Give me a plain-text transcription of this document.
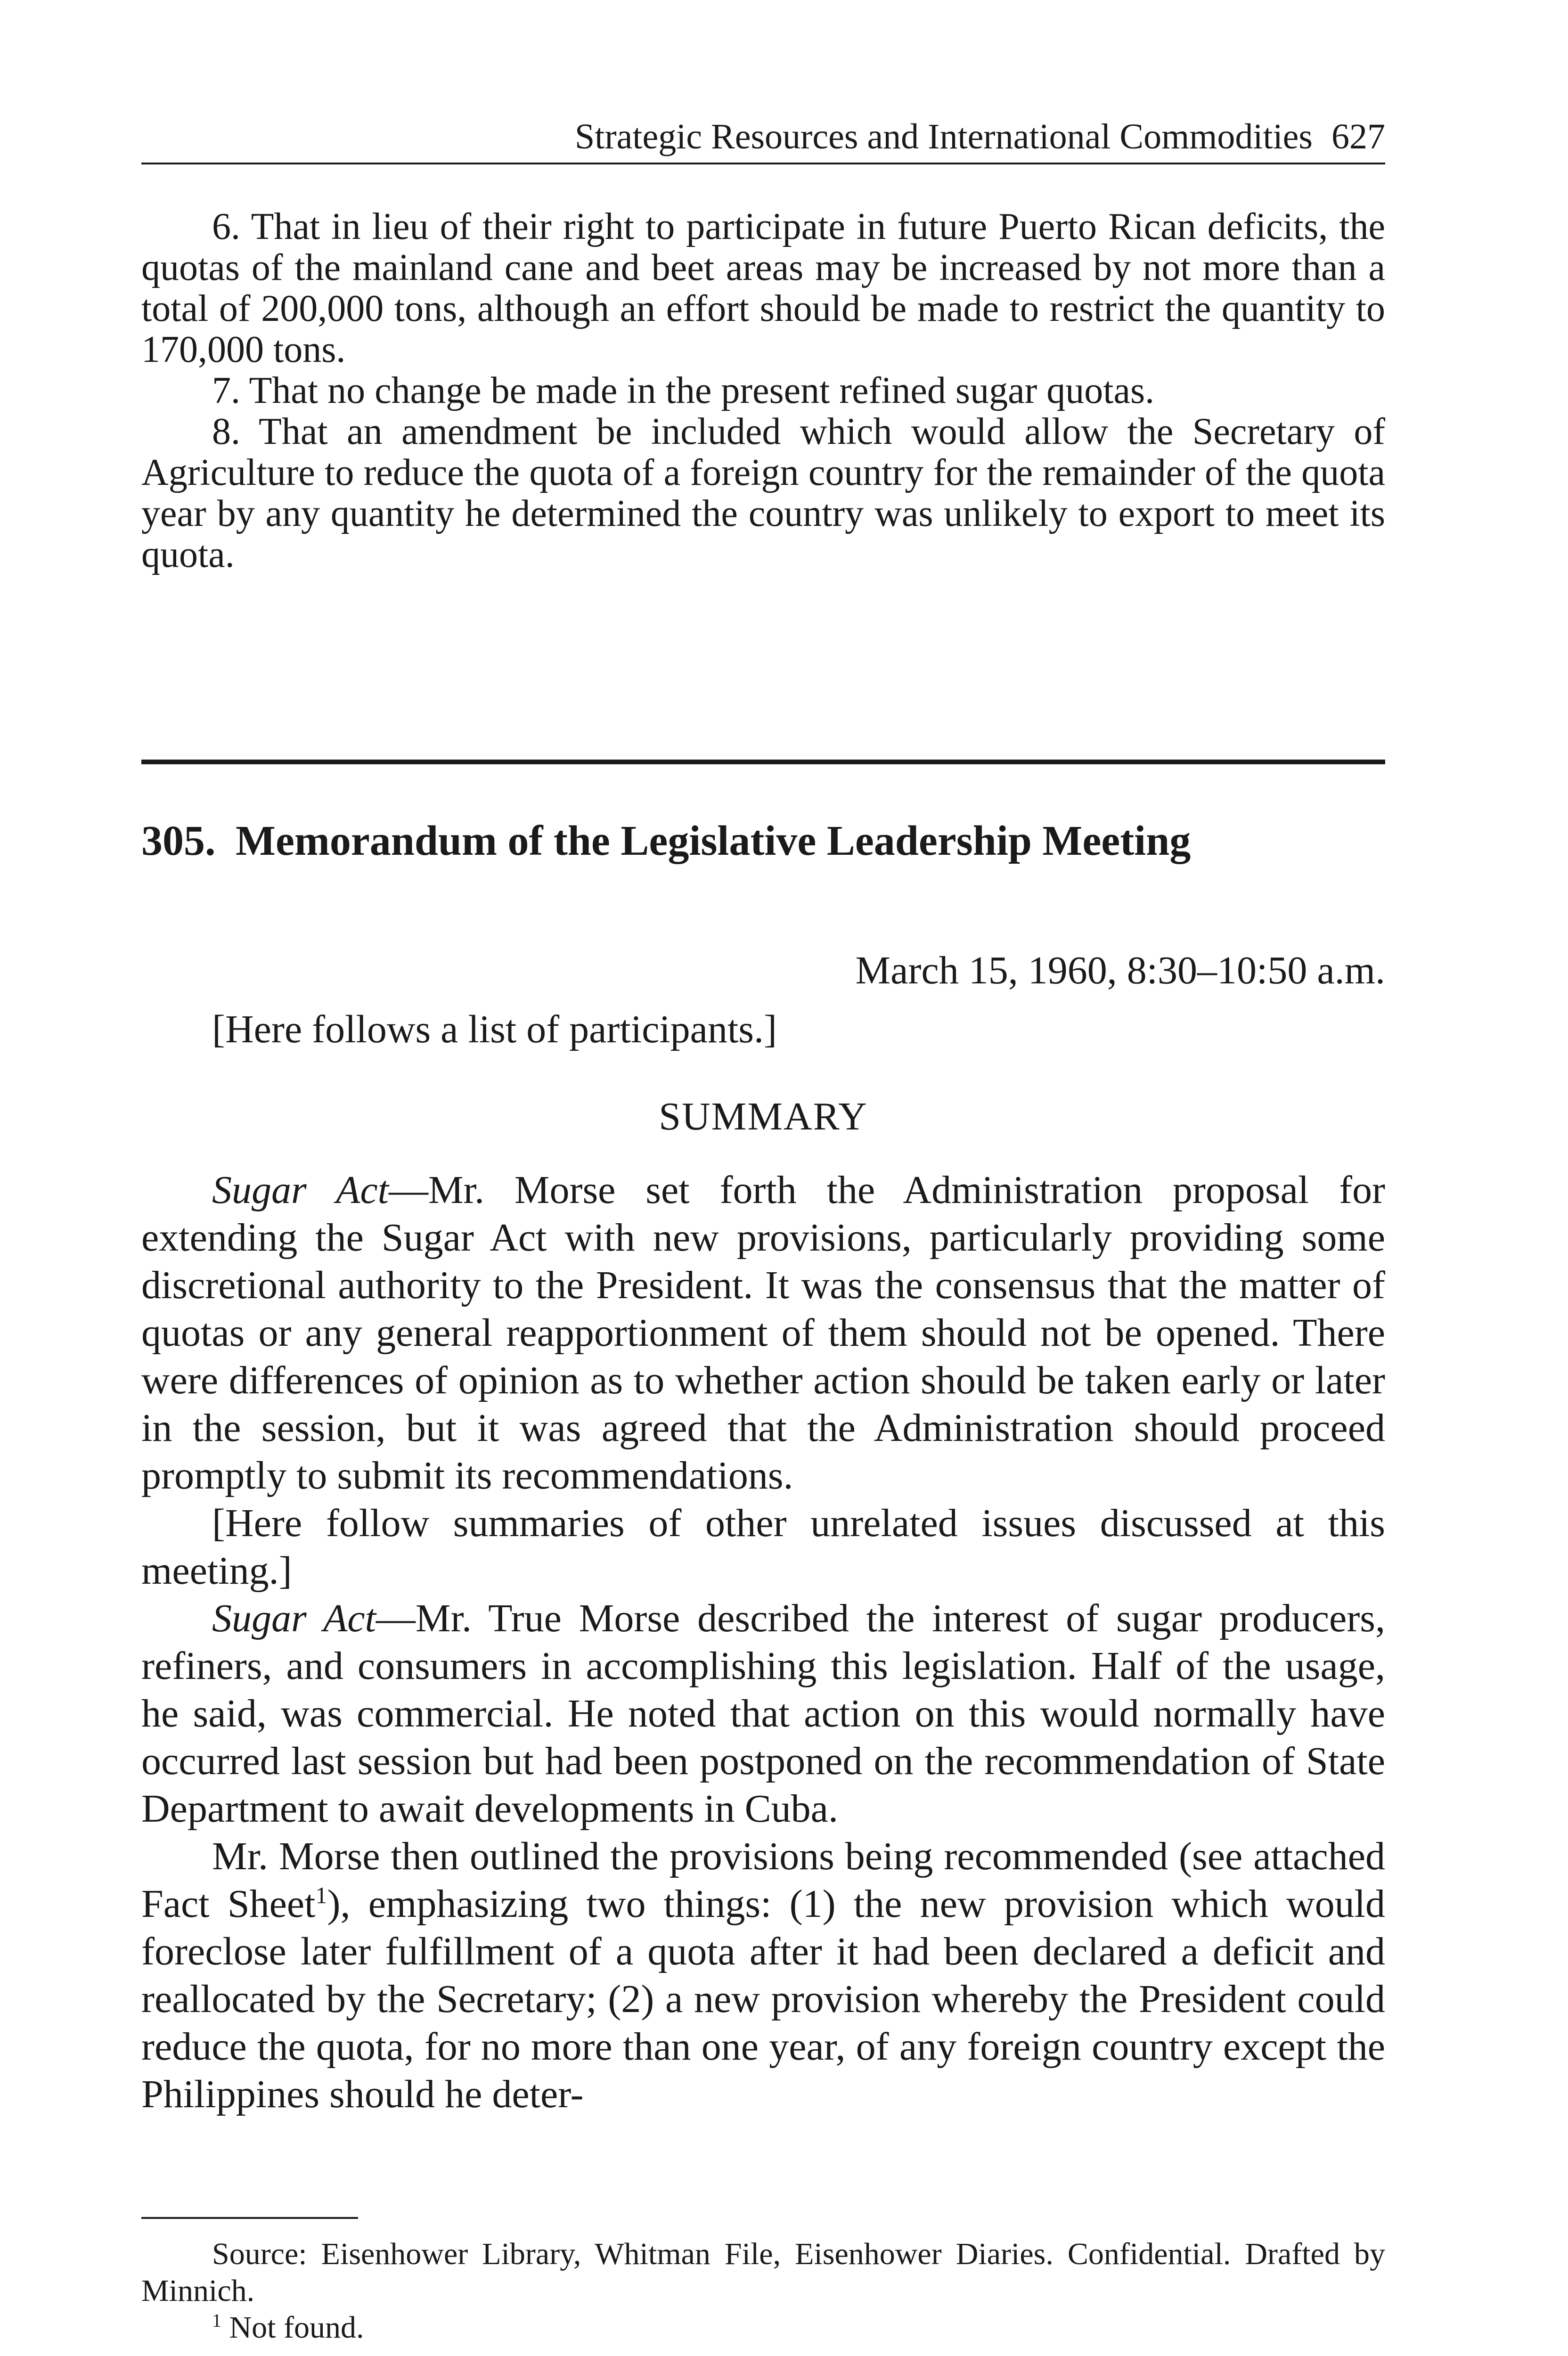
Strategic Resources and International Commodities 627

6. That in lieu of their right to participate in future Puerto Rican deficits, the quotas of the mainland cane and beet areas may be increased by not more than a total of 200,000 tons, although an effort should be made to restrict the quantity to 170,000 tons.

7. That no change be made in the present refined sugar quotas.

8. That an amendment be included which would allow the Secretary of Agriculture to reduce the quota of a foreign country for the remainder of the quota year by any quantity he determined the country was unlikely to export to meet its quota.

305. Memorandum of the Legislative Leadership Meeting
March 15, 1960, 8:30–10:50 a.m.
[Here follows a list of participants.]
SUMMARY

Sugar Act—Mr. Morse set forth the Administration proposal for extending the Sugar Act with new provisions, particularly providing some discretional authority to the President. It was the consensus that the matter of quotas or any general reapportionment of them should not be opened. There were differences of opinion as to whether action should be taken early or later in the session, but it was agreed that the Administration should proceed promptly to submit its recommendations.

[Here follow summaries of other unrelated issues discussed at this meeting.]

Sugar Act—Mr. True Morse described the interest of sugar producers, refiners, and consumers in accomplishing this legislation. Half of the usage, he said, was commercial. He noted that action on this would normally have occurred last session but had been postponed on the recommendation of State Department to await developments in Cuba.

Mr. Morse then outlined the provisions being recommended (see attached Fact Sheet$^1$), emphasizing two things: (1) the new provision which would foreclose later fulfillment of a quota after it had been declared a deficit and reallocated by the Secretary; (2) a new provision whereby the President could reduce the quota, for no more than one year, of any foreign country except the Philippines should he deter-

Source: Eisenhower Library, Whitman File, Eisenhower Diaries. Confidential. Drafted by Minnich.

$^1$ Not found.
